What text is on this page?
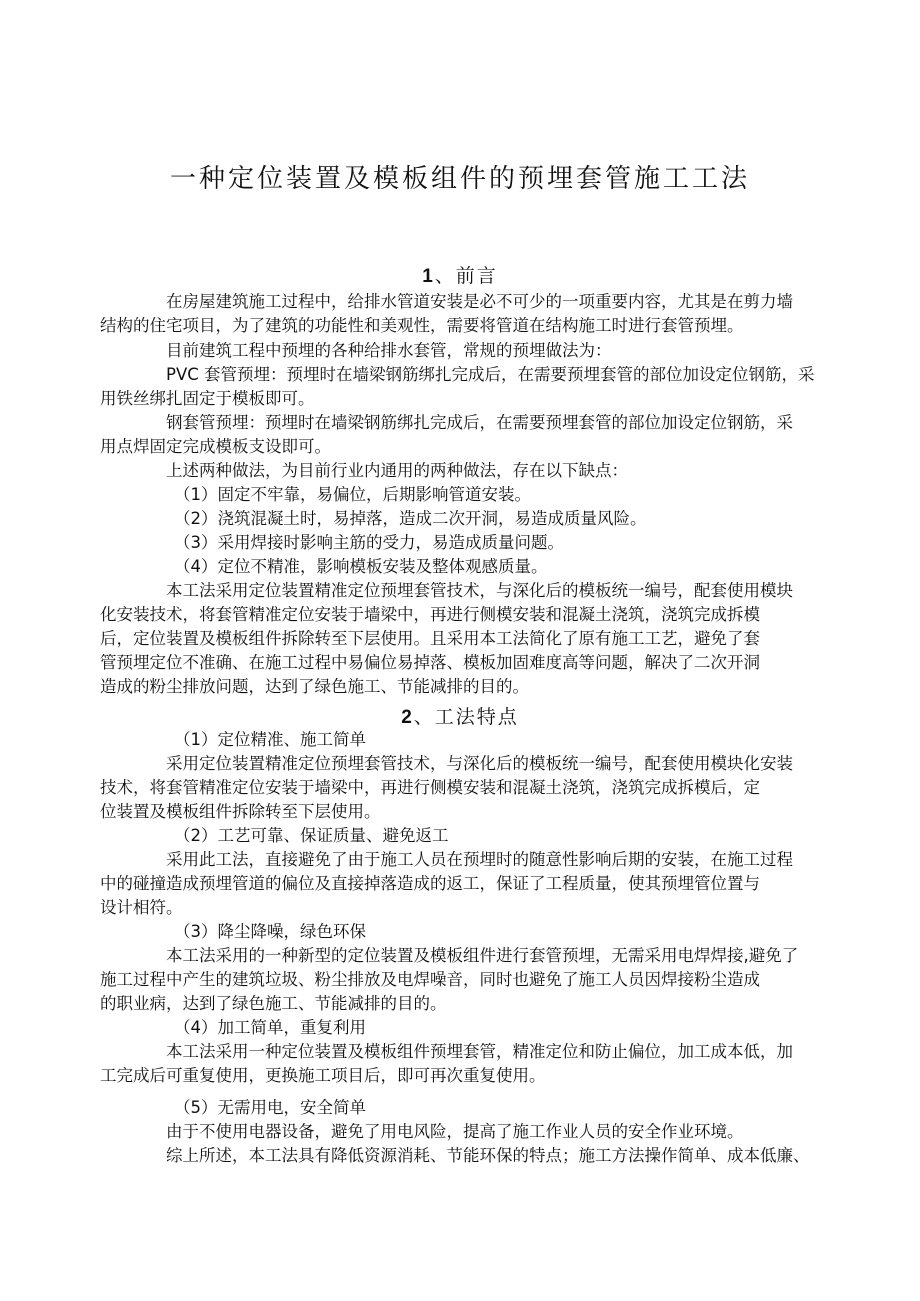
一种定位装置及模板组件的预埋套管施工工法
1、前言
在房屋建筑施工过程中，给排水管道安装是必不可少的一项重要内容，尤其是在剪力墙
结构的住宅项目，为了建筑的功能性和美观性，需要将管道在结构施工时进行套管预埋。
目前建筑工程中预埋的各种给排水套管，常规的预埋做法为：
PVC 套管预埋：预埋时在墙梁钢筋绑扎完成后，在需要预埋套管的部位加设定位钢筋，采
用铁丝绑扎固定于模板即可。
钢套管预埋：预埋时在墙梁钢筋绑扎完成后，在需要预埋套管的部位加设定位钢筋，采
用点焊固定完成模板支设即可。
上述两种做法，为目前行业内通用的两种做法，存在以下缺点：
（1）固定不牢靠，易偏位，后期影响管道安装。
（2）浇筑混凝土时，易掉落，造成二次开洞，易造成质量风险。
（3）采用焊接时影响主筋的受力，易造成质量问题。
（4）定位不精准，影响模板安装及整体观感质量。
本工法采用定位装置精准定位预埋套管技术，与深化后的模板统一编号，配套使用模块
化安装技术，将套管精准定位安装于墙梁中，再进行侧模安装和混凝土浇筑，浇筑完成拆模
后，定位装置及模板组件拆除转至下层使用。且采用本工法简化了原有施工工艺，避免了套
管预埋定位不准确、在施工过程中易偏位易掉落、模板加固难度高等问题，解决了二次开洞
造成的粉尘排放问题，达到了绿色施工、节能减排的目的。
2、工法特点
（1）定位精准、施工简单
采用定位装置精准定位预埋套管技术，与深化后的模板统一编号，配套使用模块化安装
技术，将套管精准定位安装于墙梁中，再进行侧模安装和混凝土浇筑，浇筑完成拆模后，定
位装置及模板组件拆除转至下层使用。
（2）工艺可靠、保证质量、避免返工
采用此工法，直接避免了由于施工人员在预埋时的随意性影响后期的安装，在施工过程
中的碰撞造成预埋管道的偏位及直接掉落造成的返工，保证了工程质量，使其预埋管位置与
设计相符。
（3）降尘降噪，绿色环保
本工法采用的一种新型的定位装置及模板组件进行套管预埋，无需采用电焊焊接,避免了
施工过程中产生的建筑垃圾、粉尘排放及电焊噪音，同时也避免了施工人员因焊接粉尘造成
的职业病，达到了绿色施工、节能减排的目的。
（4）加工简单，重复利用
本工法采用一种定位装置及模板组件预埋套管，精准定位和防止偏位，加工成本低，加
工完成后可重复使用，更换施工项目后，即可再次重复使用。
（5）无需用电，安全简单
由于不使用电器设备，避免了用电风险，提高了施工作业人员的安全作业环境。
综上所述，本工法具有降低资源消耗、节能环保的特点；施工方法操作简单、成本低廉、
